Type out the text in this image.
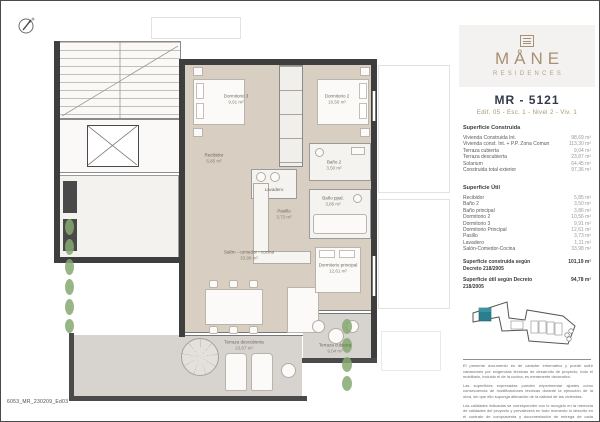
Dormitorio 3
9,91 m²
Dormitorio 2
10,56 m²
Recibidor
5,85 m²
Pasillo
3,73 m²
Lavadero
Baño 2
3,50 m²
Baño ppal.
3,86 m²
Salón - comedor - cocina
33,98 m²
Dormitorio principal
12,61 m²
Terraza cubierta
9,04 m²
Terraza descubierta
23,87 m²
MÅNE
RESIDENCES
MR - 5121
Edif. 05 - Esc. 1 - Nivel 2 - Viv. 1
Superficie Construida
Vivienda Construida Int.	98,69 m²
Vivienda const. Int. + P.P. Zona Comun	113,30 m²
Terraza cubierta	9,04 m²
Terraza descubierta	23,87 m²
Solarium	64,45 m²
Construida total exterior	97,36 m²
Superficie Útil
Recibidor	5,85 m²
Baño 2	3,50 m²
Baño principal	3,86 m²
Dormitorio 2	10,56 m²
Dormitorio 3	9,91 m²
Dormitorio Principal	12,61 m²
Pasillo	3,73 m²
Lavadero	1,11 m²
Salón-Comedor-Cocina	33,98 m²
Superficie construida según Decreto 218/2005
101,19 m²
Superficie útil según Decreto 218/2005
94,78 m²

El presente documento es de carácter informativo y puede sufrir variaciones por exigencias técnicas de desarrollo de proyecto, todo el mobiliario, incluido el de la cocina, es meramente decorativo.

Las superficies expresadas pueden experimentar ajustes como consecuencia de modificaciones técnicas durante la ejecución de la obra, sin que ello suponga alteración de la calidad de las viviendas.

Las calidades indicadas se corresponden con lo recogido en la memoria de calidades del proyecto y prevalecerá en todo momento lo descrito en el contrato de compraventa y documentación de entrega de cada vivienda.

6053_MR_230209_Ed03
